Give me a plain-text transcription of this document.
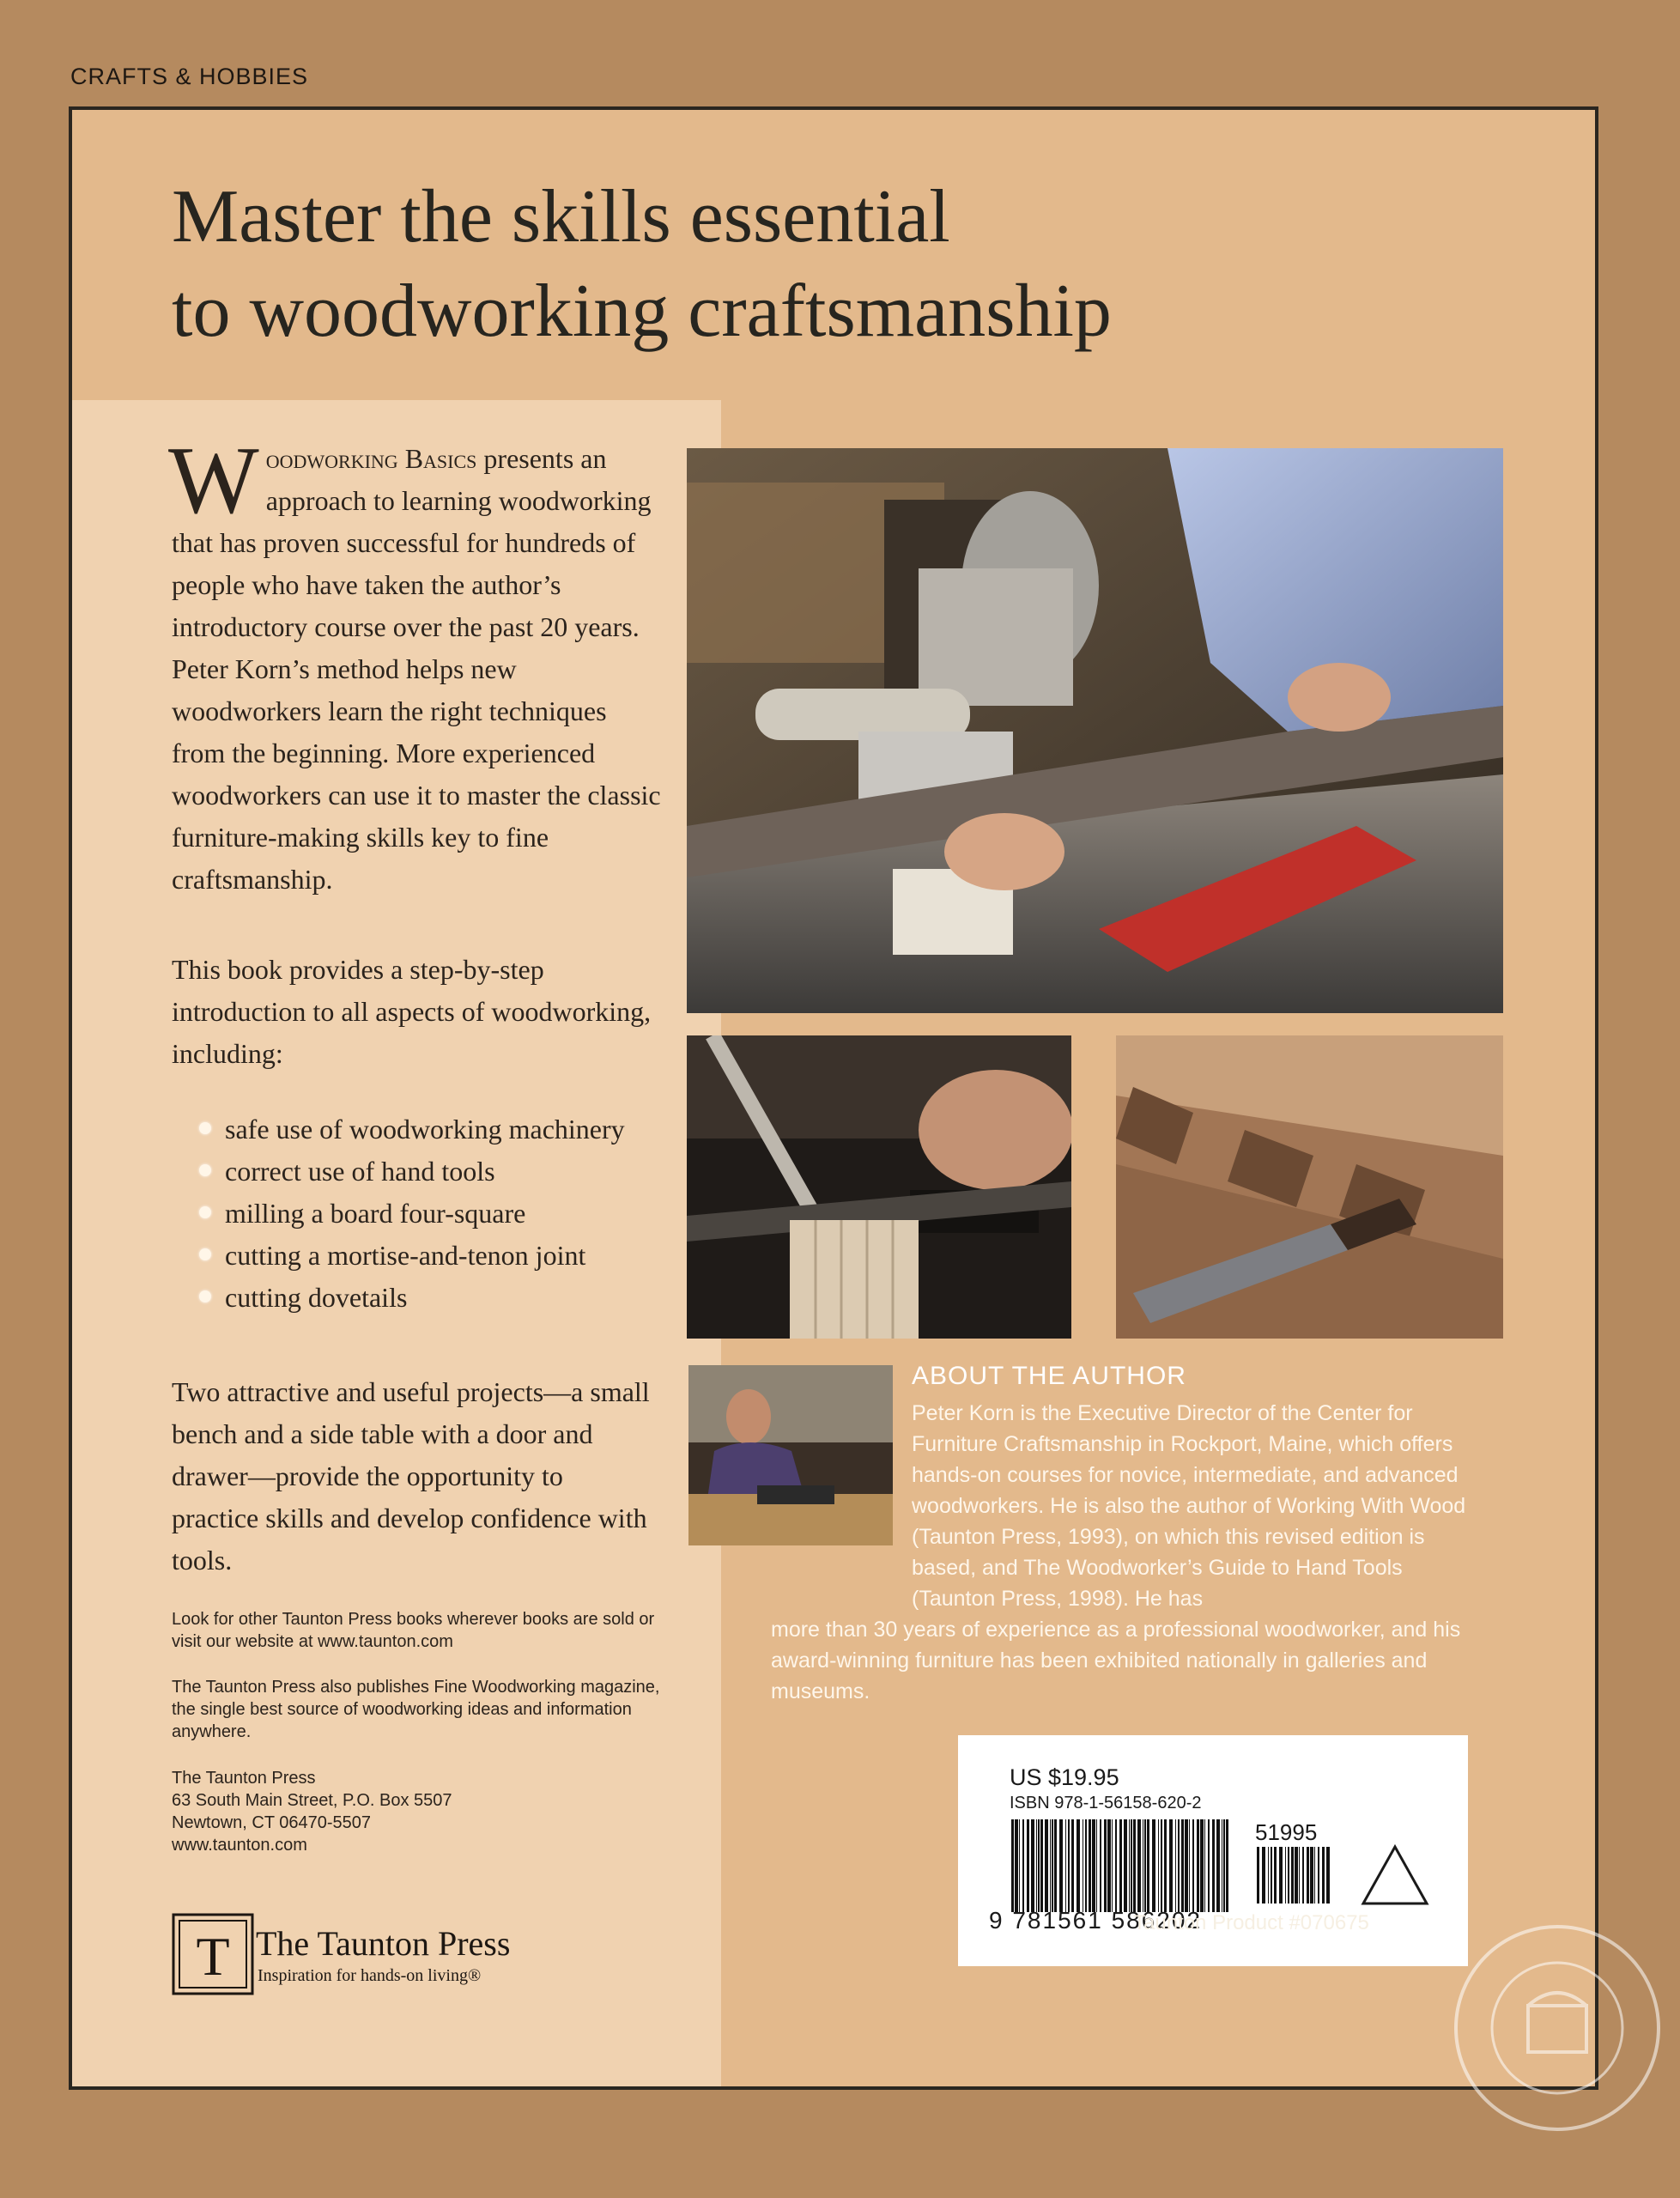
CRAFTS & HOBBIES
Master the skills essential
to woodworking craftsmanship
Woodworking Basics presents an approach to learning woodworking that has proven successful for hundreds of people who have taken the author’s introductory course over the past 20 years. Peter Korn’s method helps new woodworkers learn the right techniques from the beginning. More experienced woodworkers can use it to master the classic furniture-making skills key to fine craftsmanship.
This book provides a step-by-step introduction to all aspects of woodworking, including:
safe use of woodworking machinery
correct use of hand tools
milling a board four-square
cutting a mortise-and-tenon joint
cutting dovetails
Two attractive and useful projects—a small bench and a side table with a door and drawer—provide the opportunity to practice skills and develop confidence with tools.
Look for other Taunton Press books wherever books are sold or visit our website at www.taunton.com
The Taunton Press also publishes Fine Woodworking magazine, the single best source of woodworking ideas and information anywhere.
The Taunton Press
63 South Main Street, P.O. Box 5507
Newtown, CT 06470-5507
www.taunton.com
T The Taunton Press
Inspiration for hands-on living®
ABOUT THE AUTHOR
Peter Korn is the Executive Director of the Center for Furniture Craftsmanship in Rockport, Maine, which offers hands-on courses for novice, intermediate, and advanced woodworkers. He is also the author of Working With Wood (Taunton Press, 1993), on which this revised edition is based, and The Woodworker’s Guide to Hand Tools (Taunton Press, 1998). He has
more than 30 years of experience as a professional woodworker, and his award-winning furniture has been exhibited nationally in galleries and museums.
US $19.95
ISBN 978-1-56158-620-2
51995
9 781561 586202
Taunton Product #070675
